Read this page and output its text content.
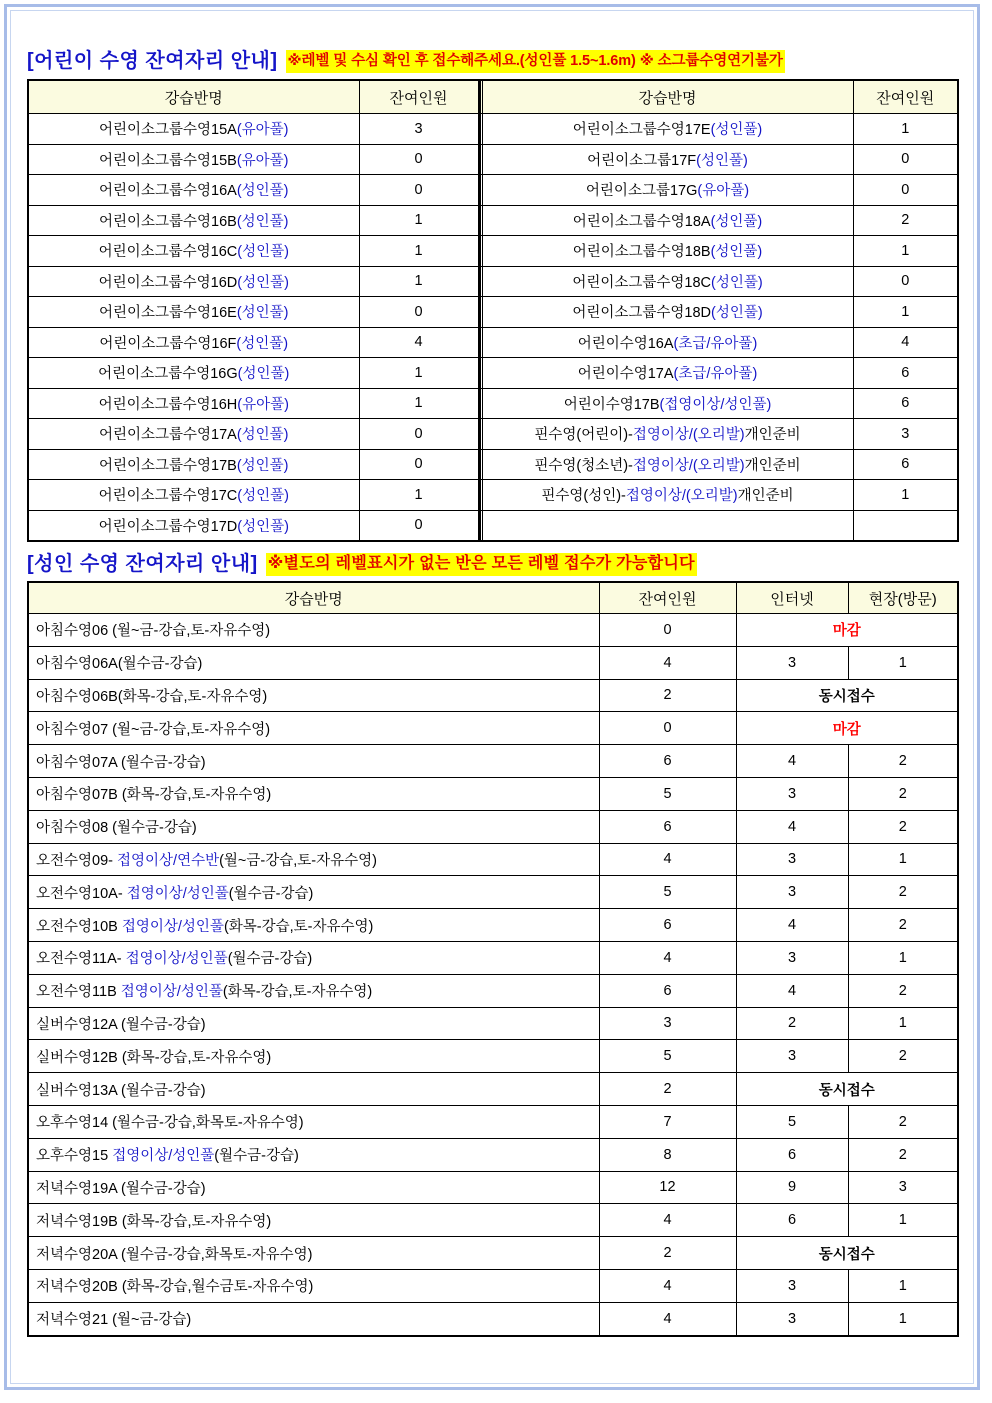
[어린이 수영 잔여자리 안내] ※레벨 및 수심 확인 후 접수해주세요.(성인풀 1.5~1.6m) ※ 소그룹수영연기불가
강습반명	잔여인원		강습반명	잔여인원
어린이소그룹수영15A(유아풀)	3		어린이소그룹수영17E(성인풀)	1
어린이소그룹수영15B(유아풀)	0		어린이소그룹17F(성인풀)	0
어린이소그룹수영16A(성인풀)	0		어린이소그룹17G(유아풀)	0
어린이소그룹수영16B(성인풀)	1		어린이소그룹수영18A(성인풀)	2
어린이소그룹수영16C(성인풀)	1		어린이소그룹수영18B(성인풀)	1
어린이소그룹수영16D(성인풀)	1		어린이소그룹수영18C(성인풀)	0
어린이소그룹수영16E(성인풀)	0		어린이소그룹수영18D(성인풀)	1
어린이소그룹수영16F(성인풀)	4		어린이수영16A(초급/유아풀)	4
어린이소그룹수영16G(성인풀)	1		어린이수영17A(초급/유아풀)	6
어린이소그룹수영16H(유아풀)	1		어린이수영17B(접영이상/성인풀)	6
어린이소그룹수영17A(성인풀)	0		핀수영(어린이)-접영이상/(오리발)개인준비	3
어린이소그룹수영17B(성인풀)	0		핀수영(청소년)-접영이상/(오리발)개인준비	6
어린이소그룹수영17C(성인풀)	1		핀수영(성인)-접영이상/(오리발)개인준비	1
어린이소그룹수영17D(성인풀)	0			
[성인 수영 잔여자리 안내] ※별도의 레벨표시가 없는 반은 모든 레벨 접수가 가능합니다
강습반명	잔여인원	인터넷	현장(방문)
아침수영06 (월~금-강습,토-자유수영)	0	마감	
아침수영06A(월수금-강습)	4	3	1
아침수영06B(화목-강습,토-자유수영)	2	동시접수	
아침수영07 (월~금-강습,토-자유수영)	0	마감	
아침수영07A (월수금-강습)	6	4	2
아침수영07B (화목-강습,토-자유수영)	5	3	2
아침수영08 (월수금-강습)	6	4	2
오전수영09- 접영이상/연수반(월~금-강습,토-자유수영)	4	3	1
오전수영10A- 접영이상/성인풀(월수금-강습)	5	3	2
오전수영10B 접영이상/성인풀(화목-강습,토-자유수영)	6	4	2
오전수영11A- 접영이상/성인풀(월수금-강습)	4	3	1
오전수영11B 접영이상/성인풀(화목-강습,토-자유수영)	6	4	2
실버수영12A (월수금-강습)	3	2	1
실버수영12B (화목-강습,토-자유수영)	5	3	2
실버수영13A (월수금-강습)	2	동시접수	
오후수영14 (월수금-강습,화목토-자유수영)	7	5	2
오후수영15 접영이상/성인풀(월수금-강습)	8	6	2
저녁수영19A (월수금-강습)	12	9	3
저녁수영19B (화목-강습,토-자유수영)	4	6	1
저녁수영20A (월수금-강습,화목토-자유수영)	2	동시접수	
저녁수영20B (화목-강습,월수금토-자유수영)	4	3	1
저녁수영21 (월~금-강습)	4	3	1
